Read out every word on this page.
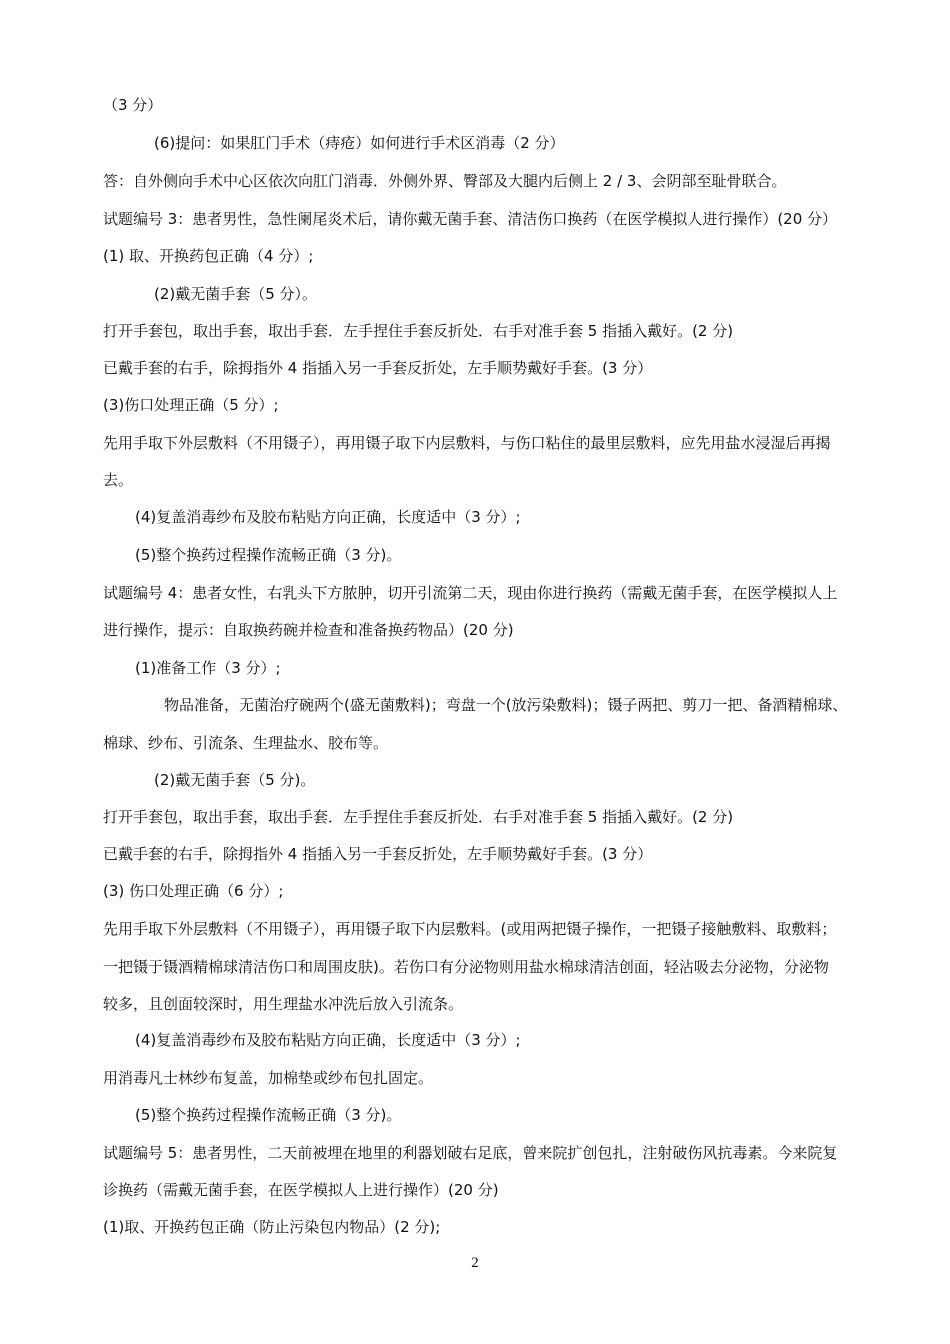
（3 分）
(6)提问：如果肛门手术（痔疮）如何进行手术区消毒（2 分）
答：自外侧向手术中心区依次向肛门消毒．外侧外界、臀部及大腿内后侧上 2 / 3、会阴部至耻骨联合。
试题编号 3：患者男性，急性阑尾炎术后，请你戴无菌手套、清洁伤口换药（在医学模拟人进行操作）(20 分）
(1) 取、开换药包正确（4 分）;
(2)戴无菌手套（5 分）。
打开手套包，取出手套，取出手套．左手捏住手套反折处．右手对准手套 5 指插入戴好。(2 分)
已戴手套的右手，除拇指外 4 指插入另一手套反折处，左手顺势戴好手套。(3 分）
(3)伤口处理正确（5 分）;
先用手取下外层敷料（不用镊子），再用镊子取下内层敷料，与伤口粘住的最里层敷料，应先用盐水浸湿后再揭
去。
(4)复盖消毒纱布及胶布粘贴方向正确，长度适中（3 分）;
(5)整个换药过程操作流畅正确（3 分)。
试题编号 4：患者女性，右乳头下方脓肿，切开引流第二天，现由你进行换药（需戴无菌手套，在医学模拟人上
进行操作，提示：自取换药碗并检查和准备换药物品）(20 分)
(1)准备工作（3 分）;
物品准备，无菌治疗碗两个(盛无菌敷料)；弯盘一个(放污染敷料)；镊子两把、剪刀一把、备酒精棉球、
棉球、纱布、引流条、生理盐水、胶布等。
(2)戴无菌手套（5 分)。
打开手套包，取出手套，取出手套．左手捏住手套反折处．右手对准手套 5 指插入戴好。(2 分)
已戴手套的右手，除拇指外 4 指插入另一手套反折处，左手顺势戴好手套。(3 分）
(3) 伤口处理正确（6 分）;
先用手取下外层敷料（不用镊子），再用镊子取下内层敷料。(或用两把镊子操作，一把镊子接触敷料、取敷料；
一把镊于镊酒精棉球清洁伤口和周围皮肤)。若伤口有分泌物则用盐水棉球清洁创面，轻沾吸去分泌物，分泌物
较多，且创面较深时，用生理盐水冲洗后放入引流条。
(4)复盖消毒纱布及胶布粘贴方向正确，长度适中（3 分）;
用消毒凡士林纱布复盖，加棉垫或纱布包扎固定。
(5)整个换药过程操作流畅正确（3 分)。
试题编号 5：患者男性，二天前被埋在地里的利器划破右足底，曾来院扩创包扎，注射破伤风抗毒素。今来院复
诊换药（需戴无菌手套，在医学模拟人上进行操作）(20 分)
(1)取、开换药包正确（防止污染包内物品）(2 分);
2
